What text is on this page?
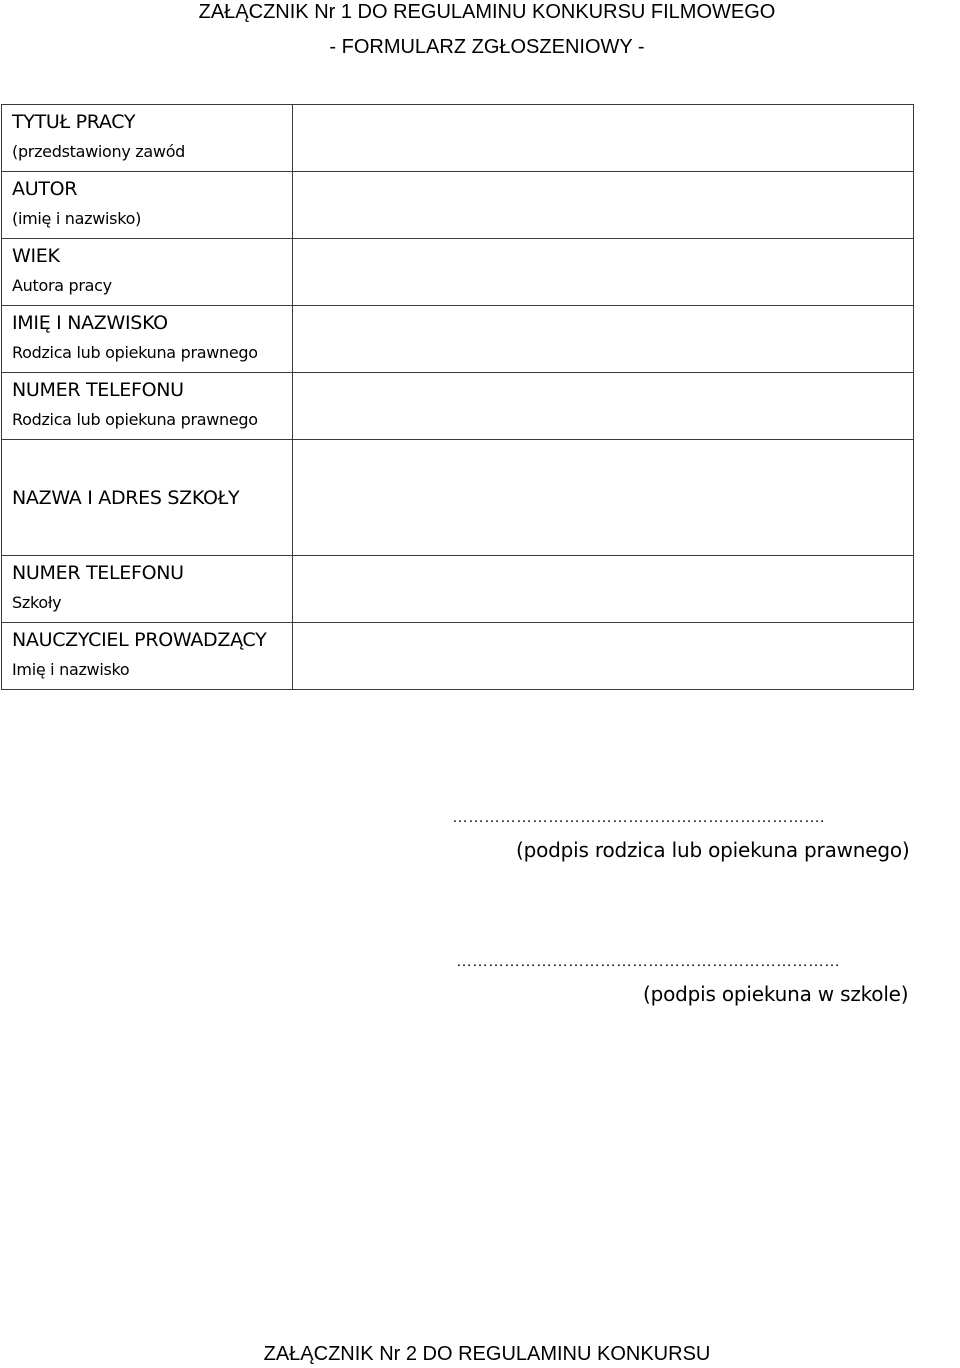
ZAŁĄCZNIK Nr 1 DO REGULAMINU KONKURSU FILMOWEGO
- FORMULARZ ZGŁOSZENIOWY -
TYTUŁ PRACY
(przedstawiony zawód	

AUTOR
(imię i nazwisko)	

WIEK
Autora pracy	

IMIĘ I NAZWISKO
Rodzica lub opiekuna prawnego	

NUMER TELEFONU
Rodzica lub opiekuna prawnego	

NAZWA I ADRES SZKOŁY	

NUMER TELEFONU
Szkoły	

NAUCZYCIEL PROWADZĄCY
Imię i nazwisko	

…………………………………………………………….
(podpis rodzica lub opiekuna prawnego)
………………………………………………………………
(podpis opiekuna w szkole)
ZAŁĄCZNIK Nr 2 DO REGULAMINU KONKURSU
